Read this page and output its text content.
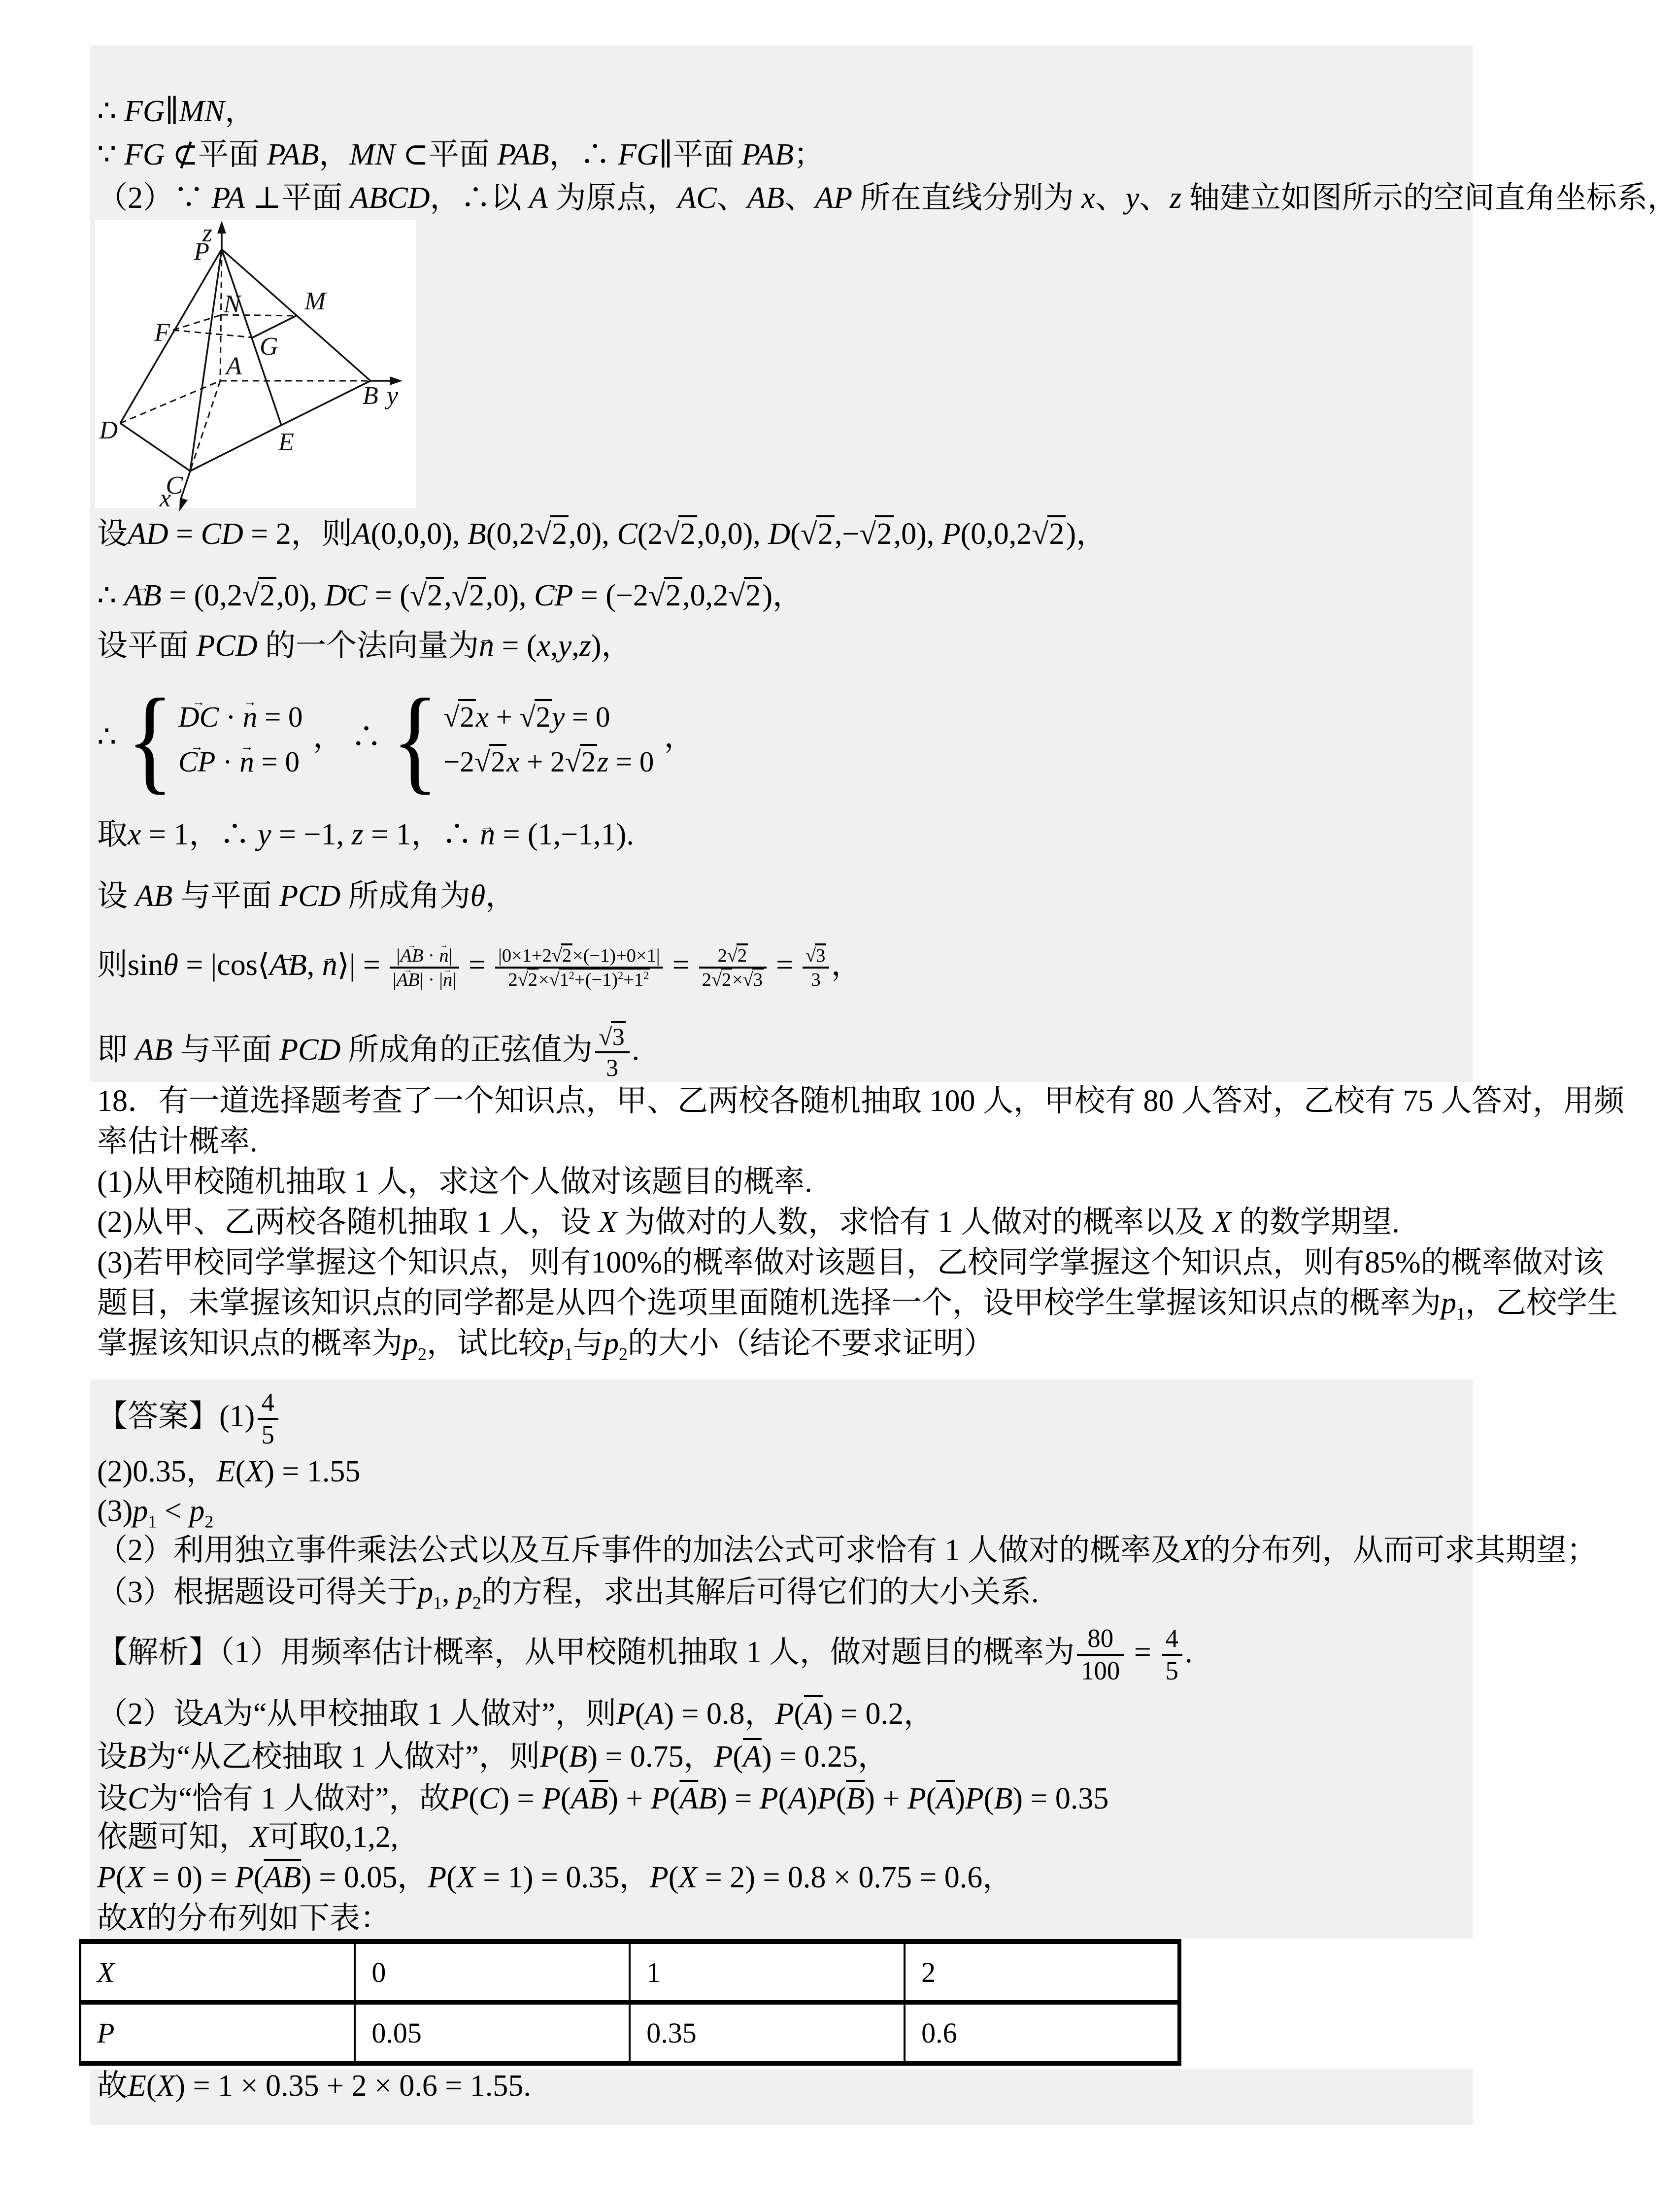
∴ FG∥MN，
∵ FG ⊄平面 PAB，MN ⊂平面 PAB，∴ FG∥平面 PAB；
（2）∵ PA ⊥平面 ABCD，∴以 A 为原点，AC、AB、AP 所在直线分别为 x、y、z 轴建立如图所示的空间直角坐标系，
z
P
N M
F	G
A
B y
D	E
C
x
设AD = CD = 2，则A(0,0,0), B(0,2√2,0), C(2√2,0,0), D(√2,−√2,0), P(0,0,2√2)，
∴ AB → = (0,2√2,0), DC → = (√2,√2,0), CP → = (−2√2,0,2√2)，
设平面 PCD 的一个法向量为n → = (x,y,z)，
∴ { DC → · n → = 0
CP → · n → = 0
， ∴ { √2x + √2y = 0
−2√2x + 2√2z = 0
，
取x = 1，∴ y = −1, z = 1，∴ n → = (1,−1,1).
设 AB 与平面 PCD 所成角为θ，
则sinθ = |cos⟨AB →, n →⟩| = $\frac{|AB \to \cdot n \to|}{|AB \to| \cdot |n \to|} = \frac{|0\times 1+2√2\times(-1)+0\times 1|}{2√2\times√1^2+(-1)^2+1^2} = \frac{2√2}{2√2\times√3} = \frac{√3}{3}$ ，
即 AB 与平面 PCD 所成角的正弦值为 $\frac{√3}{3}$ .
18．有一道选择题考查了一个知识点，甲、乙两校各随机抽取 100 人，甲校有 80 人答对，乙校有 75 人答对，用频
率估计概率.
(1)从甲校随机抽取 1 人，求这个人做对该题目的概率.
(2)从甲、乙两校各随机抽取 1 人，设 X 为做对的人数，求恰有 1 人做对的概率以及 X 的数学期望.
(3)若甲校同学掌握这个知识点，则有100%的概率做对该题目，乙校同学掌握这个知识点，则有85%的概率做对该
题目，未掌握该知识点的同学都是从四个选项里面随机选择一个，设甲校学生掌握该知识点的概率为$p_1$，乙校学生
掌握该知识点的概率为$p_2$，试比较$p_1$与$p_2$的大小（结论不要求证明）
【答案】$(1) \frac{4}{5}$
(2)0.35，E(X) = 1.55
$(3)p_1 < p_2$
（2）利用独立事件乘法公式以及互斥事件的加法公式可求恰有 1 人做对的概率及X的分布列，从而可求其期望；
（3）根据题设可得关于$p_1$, $p_2$的方程，求出其解后可得它们的大小关系.
【解析】（1）用频率估计概率，从甲校随机抽取 1 人，做对题目的概率为 $\frac{80}{100} = \frac{4}{5}$ .
（2）设A为“从甲校抽取 1 人做对”，则P(A) = 0.8，$P(\overline{A}) = 0.2$，
设B为“从乙校抽取 1 人做对”，则P(B) = 0.75，$P(\overline{A}) = 0.25$，
设C为“恰有 1 人做对”，故$P(C) = P(A\overline{B}) + P(\overline{A}B) = P(A)P(\overline{B}) + P(\overline{A})P(B) = 0.35$
依题可知，X可取0,1,2,
$P(X = 0) = P(\overline{AB}) = 0.05$，P(X = 1) = 0.35，P(X = 2) = 0.8 × 0.75 = 0.6，
故X的分布列如下表：
X	0	1	2
P	0.05	0.35	0.6
故E(X) = 1 × 0.35 + 2 × 0.6 = 1.55.
